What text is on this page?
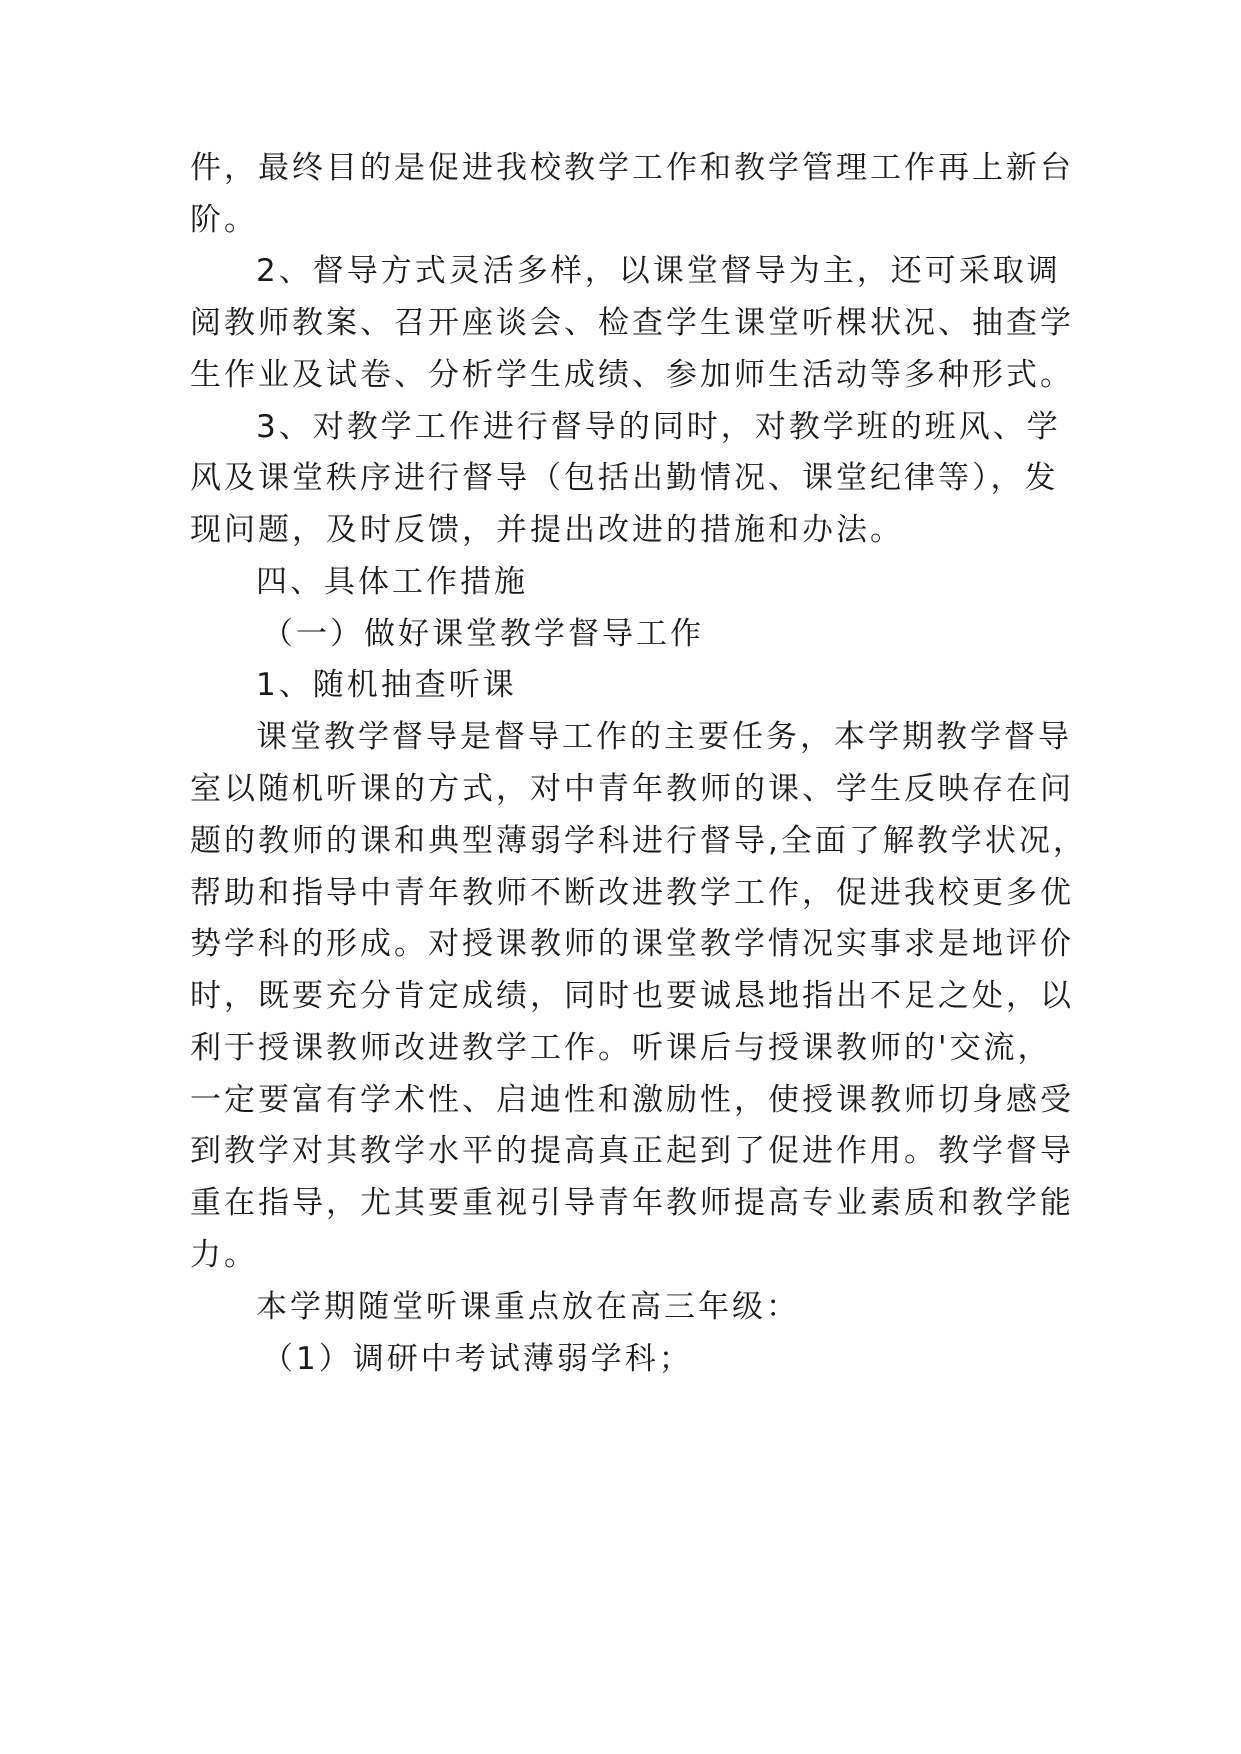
件，最终目的是促进我校教学工作和教学管理工作再上新台
阶。
2、督导方式灵活多样，以课堂督导为主，还可采取调
阅教师教案、召开座谈会、检查学生课堂听棵状况、抽查学
生作业及试卷、分析学生成绩、参加师生活动等多种形式。
3、对教学工作进行督导的同时，对教学班的班风、学
风及课堂秩序进行督导（包括出勤情况、课堂纪律等），发
现问题，及时反馈，并提出改进的措施和办法。
四、具体工作措施
（一）做好课堂教学督导工作
1、随机抽查听课
课堂教学督导是督导工作的主要任务，本学期教学督导
室以随机听课的方式，对中青年教师的课、学生反映存在问
题的教师的课和典型薄弱学科进行督导,全面了解教学状况，
帮助和指导中青年教师不断改进教学工作，促进我校更多优
势学科的形成。对授课教师的课堂教学情况实事求是地评价
时，既要充分肯定成绩，同时也要诚恳地指出不足之处，以
利于授课教师改进教学工作。听课后与授课教师的'交流，
一定要富有学术性、启迪性和激励性，使授课教师切身感受
到教学对其教学水平的提高真正起到了促进作用。教学督导
重在指导，尤其要重视引导青年教师提高专业素质和教学能
力。
本学期随堂听课重点放在高三年级：
（1）调研中考试薄弱学科；
